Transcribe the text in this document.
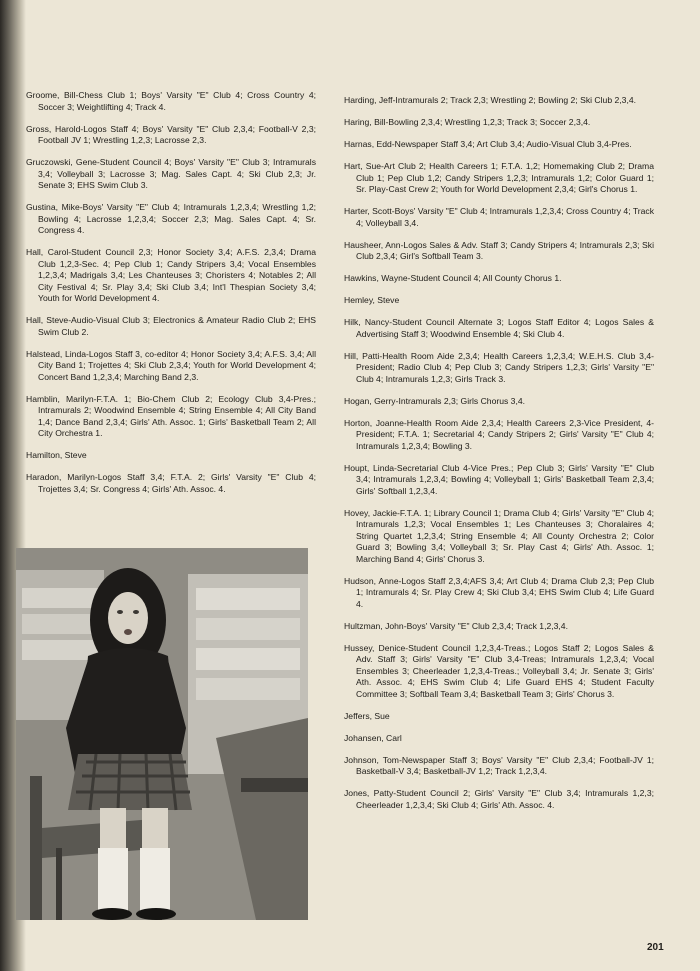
Groome, Bill-Chess Club 1; Boys' Varsity "E" Club 4; Cross Country 4; Soccer 3; Weightlifting 4; Track 4.
Gross, Harold-Logos Staff 4; Boys' Varsity "E" Club 2,3,4; Football-V 2,3; Football JV 1; Wrestling 1,2,3; Lacrosse 2,3.
Gruczowski, Gene-Student Council 4; Boys' Varsity "E" Club 3; Intramurals 3,4; Volleyball 3; Lacrosse 3; Mag. Sales Capt. 4; Ski Club 2,3; Jr. Senate 3; EHS Swim Club 3.
Gustina, Mike-Boys' Varsity "E" Club 4; Intramurals 1,2,3,4; Wrestling 1,2; Bowling 4; Lacrosse 1,2,3,4; Soccer 2,3; Mag. Sales Capt. 4; Sr. Congress 4.
Hall, Carol-Student Council 2,3; Honor Society 3,4; A.F.S. 2,3,4; Drama Club 1,2,3-Sec. 4; Pep Club 1; Candy Stripers 3,4; Vocal Ensembles 1,2,3,4; Madrigals 3,4; Les Chanteuses 3; Choristers 4; Notables 2; All City Festival 4; Sr. Play 3,4; Ski Club 3,4; Int'l Thespian Society 3,4; Youth for World Development 4.
Hall, Steve-Audio-Visual Club 3; Electronics & Amateur Radio Club 2; EHS Swim Club 2.
Halstead, Linda-Logos Staff 3, co-editor 4; Honor Society 3,4; A.F.S. 3,4; All City Band 1; Trojettes 4; Ski Club 2,3,4; Youth for World Development 4; Concert Band 1,2,3,4; Marching Band 2,3.
Hamblin, Marilyn-F.T.A. 1; Bio-Chem Club 2; Ecology Club 3,4-Pres.; Intramurals 2; Woodwind Ensemble 4; String Ensemble 4; All City Band 1,4; Dance Band 2,3,4; Girls' Ath. Assoc. 1; Girls' Basketball Team 2; All City Orchestra 1.
Hamilton, Steve
Haradon, Marilyn-Logos Staff 3,4; F.T.A. 2; Girls' Varsity "E" Club 4; Trojettes 3,4; Sr. Congress 4; Girls' Ath. Assoc. 4.
Harding, Jeff-Intramurals 2; Track 2,3; Wrestling 2; Bowling 2; Ski Club 2,3,4.
Haring, Bill-Bowling 2,3,4; Wrestling 1,2,3; Track 3; Soccer 2,3,4.
Harnas, Edd-Newspaper Staff 3,4; Art Club 3,4; Audio-Visual Club 3,4-Pres.
Hart, Sue-Art Club 2; Health Careers 1; F.T.A. 1,2; Homemaking Club 2; Drama Club 1; Pep Club 1,2; Candy Stripers 1,2,3; Intramurals 1,2; Color Guard 1; Sr. Play-Cast Crew 2; Youth for World Development 2,3,4; Girl's Chorus 1.
Harter, Scott-Boys' Varsity "E" Club 4; Intramurals 1,2,3,4; Cross Country 4; Track 4; Volleyball 3,4.
Hausheer, Ann-Logos Sales & Adv. Staff 3; Candy Stripers 4; Intramurals 2,3; Ski Club 2,3,4; Girl's Softball Team 3.
Hawkins, Wayne-Student Council 4; All County Chorus 1.
Hemley, Steve
Hilk, Nancy-Student Council Alternate 3; Logos Staff Editor 4; Logos Sales & Advertising Staff 3; Woodwind Ensemble 4; Ski Club 4.
Hill, Patti-Health Room Aide 2,3,4; Health Careers 1,2,3,4; W.E.H.S. Club 3,4-President; Radio Club 4; Pep Club 3; Candy Stripers 1,2,3; Girls' Varsity "E" Club 4; Intramurals 1,2,3; Girls Track 3.
Hogan, Gerry-Intramurals 2,3; Girls Chorus 3,4.
Horton, Joanne-Health Room Aide 2,3,4; Health Careers 2,3-Vice President, 4-President; F.T.A. 1; Secretarial 4; Candy Stripers 2; Girls' Varsity "E" Club 4; Intramurals 1,2,3,4; Bowling 3.
Houpt, Linda-Secretarial Club 4-Vice Pres.; Pep Club 3; Girls' Varsity "E" Club 3,4; Intramurals 1,2,3,4; Bowling 4; Volleyball 1; Girls' Basketball Team 2,3,4; Girls' Softball 1,2,3,4.
Hovey, Jackie-F.T.A. 1; Library Council 1; Drama Club 4; Girls' Varsity "E" Club 4; Intramurals 1,2,3; Vocal Ensembles 1; Les Chanteuses 3; Choralaires 4; String Quartet 1,2,3,4; String Ensemble 4; All County Orchestra 2; Color Guard 3; Bowling 3,4; Volleyball 3; Sr. Play Cast 4; Girls' Ath. Assoc. 1; Marching Band 4; Girls' Chorus 3.
Hudson, Anne-Logos Staff 2,3,4;AFS 3,4; Art Club 4; Drama Club 2,3; Pep Club 1; Intramurals 4; Sr. Play Crew 4; Ski Club 3,4; EHS Swim Club 4; Life Guard 4.
Hultzman, John-Boys' Varsity "E" Club 2,3,4; Track 1,2,3,4.
Hussey, Denice-Student Council 1,2,3,4-Treas.; Logos Staff 2; Logos Sales & Adv. Staff 3; Girls' Varsity "E" Club 3,4-Treas; Intramurals 1,2,3,4; Vocal Ensembles 3; Cheerleader 1,2,3,4-Treas.; Volleyball 3,4; Jr. Senate 3; Girls' Ath. Assoc. 4; EHS Swim Club 4; Life Guard EHS 4; Student Faculty Committee 3; Softball Team 3,4; Basketball Team 3; Girls' Chorus 3.
Jeffers, Sue
Johansen, Carl
Johnson, Tom-Newspaper Staff 3; Boys' Varsity "E" Club 2,3,4; Football-JV 1; Basketball-V 3,4; Basketball-JV 1,2; Track 1,2,3,4.
Jones, Patty-Student Council 2; Girls' Varsity "E" Club 3,4; Intramurals 1,2,3; Cheerleader 1,2,3,4; Ski Club 4; Girls' Ath. Assoc. 4.
201
